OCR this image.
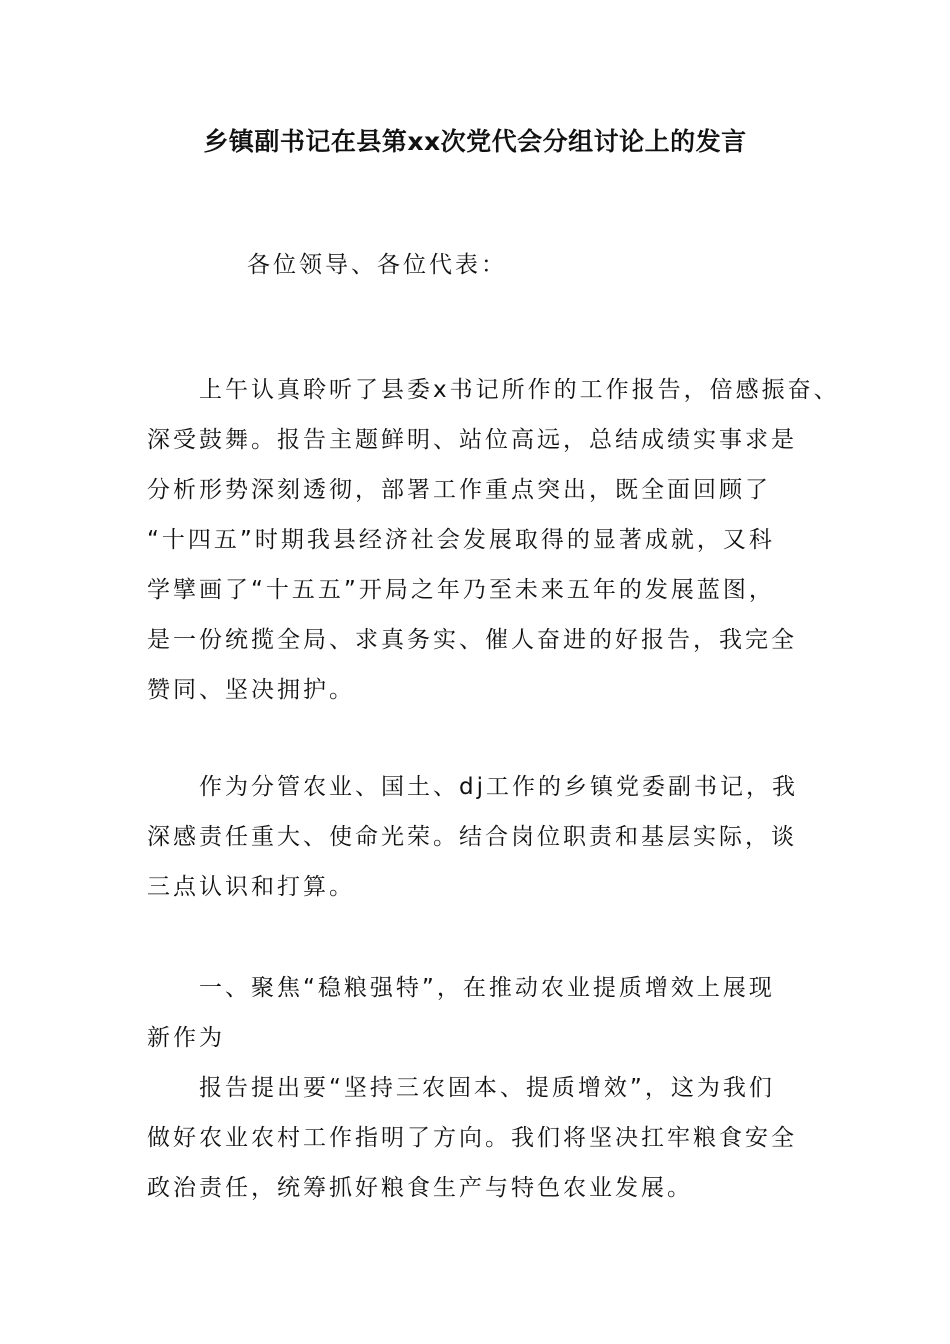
乡镇副书记在县第xx次党代会分组讨论上的发言
各位领导、各位代表：
上午认真聆听了县委x书记所作的工作报告，倍感振奋、
深受鼓舞。报告主题鲜明、站位高远，总结成绩实事求是
分析形势深刻透彻，部署工作重点突出，既全面回顾了
“十四五”时期我县经济社会发展取得的显著成就，又科
学擘画了“十五五”开局之年乃至未来五年的发展蓝图，
是一份统揽全局、求真务实、催人奋进的好报告，我完全
赞同、坚决拥护。
作为分管农业、国土、dj工作的乡镇党委副书记，我
深感责任重大、使命光荣。结合岗位职责和基层实际，谈
三点认识和打算。
一、聚焦“稳粮强特”，在推动农业提质增效上展现
新作为
报告提出要“坚持三农固本、提质增效”，这为我们
做好农业农村工作指明了方向。我们将坚决扛牢粮食安全
政治责任，统筹抓好粮食生产与特色农业发展。
